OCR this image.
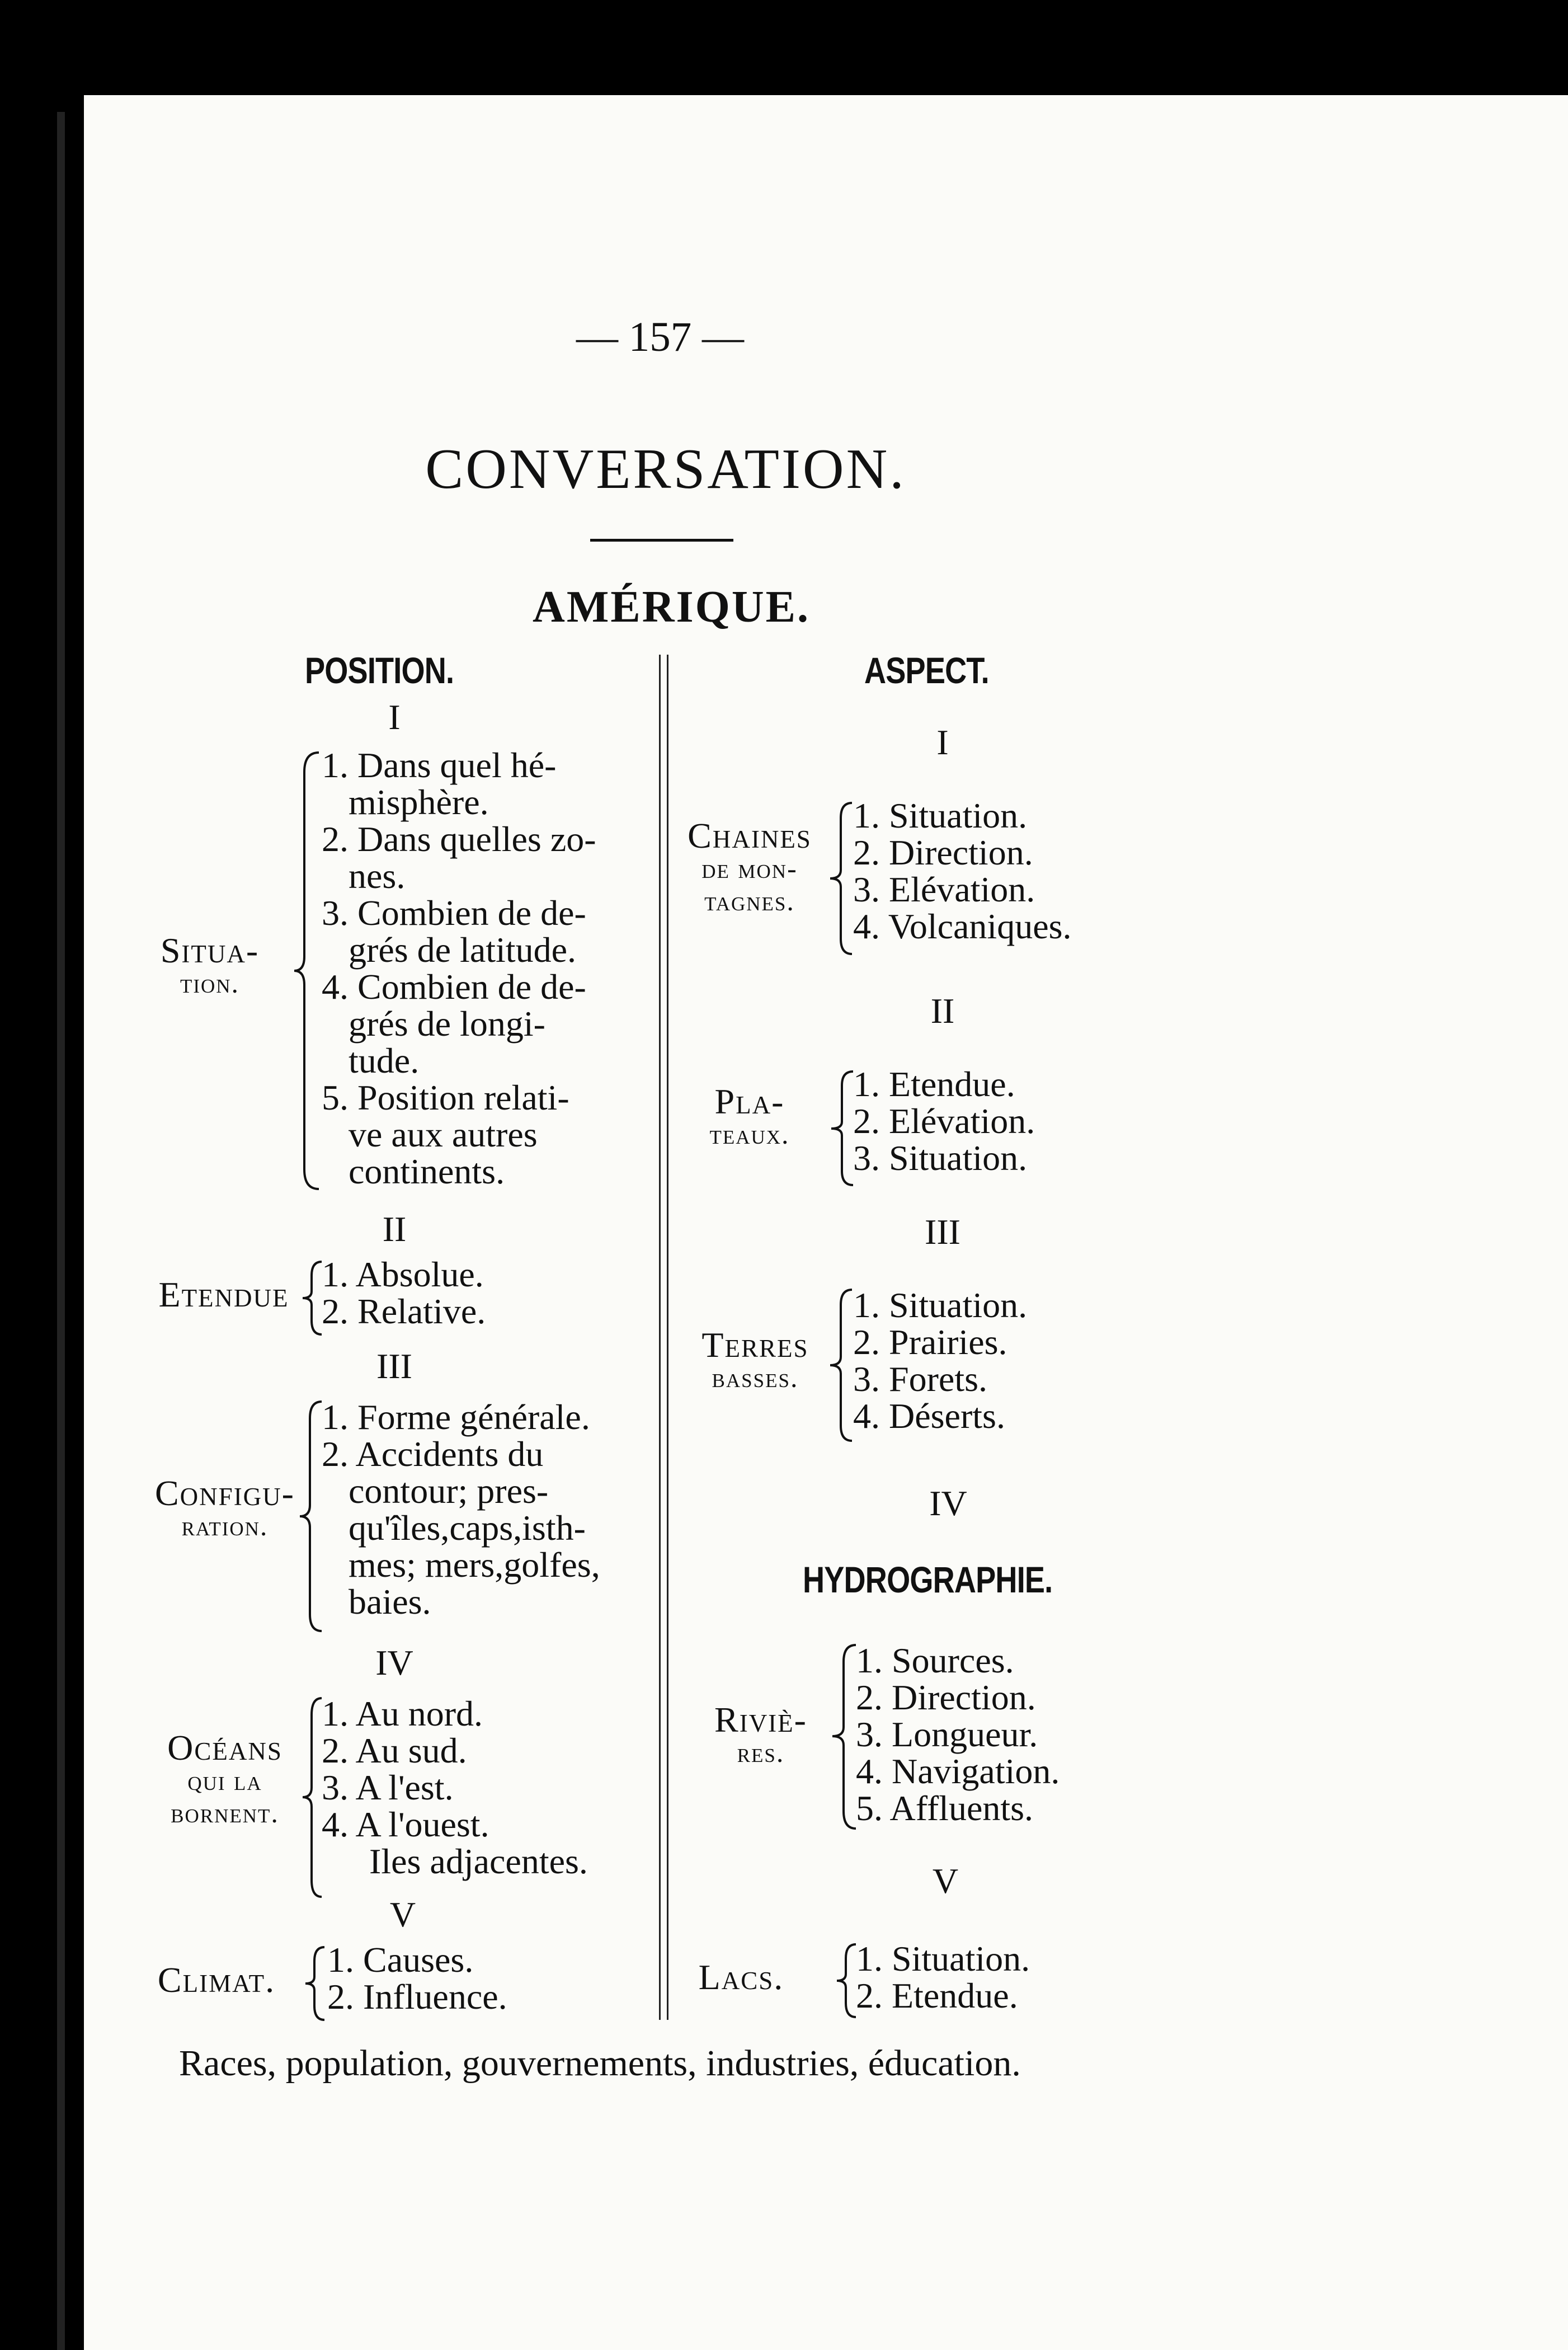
— 157 —
CONVERSATION.
AMÉRIQUE.
POSITION.
I
Situa-
tion.
1. Dans quel hé-
misphère.
2. Dans quelles zo-
nes.
3. Combien de de-
grés de latitude.
4. Combien de de-
grés de longi-
tude.
5. Position relati-
ve aux autres
continents.
II
Etendue
1. Absolue.
2. Relative.
III
Configu-
ration.
1. Forme générale.
2. Accidents du
contour; pres-
qu'îles,caps,isth-
mes; mers,golfes,
baies.
IV
Océans
qui la
bornent.
1. Au nord.
2. Au sud.
3. A l'est.
4. A l'ouest.
Iles adjacentes.
V
Climat.
1. Causes.
2. Influence.
ASPECT.
I
Chaines
de mon-
tagnes.
1. Situation.
2. Direction.
3. Elévation.
4. Volcaniques.
II
Pla-
teaux.
1. Etendue.
2. Elévation.
3. Situation.
III
Terres
basses.
1. Situation.
2. Prairies.
3. Forets.
4. Déserts.
IV
HYDROGRAPHIE.
Riviè-
res.
1. Sources.
2. Direction.
3. Longueur.
4. Navigation.
5. Affluents.
V
Lacs. 1. Situation.
2. Etendue.
Races, population, gouvernements, industries, éducation.
